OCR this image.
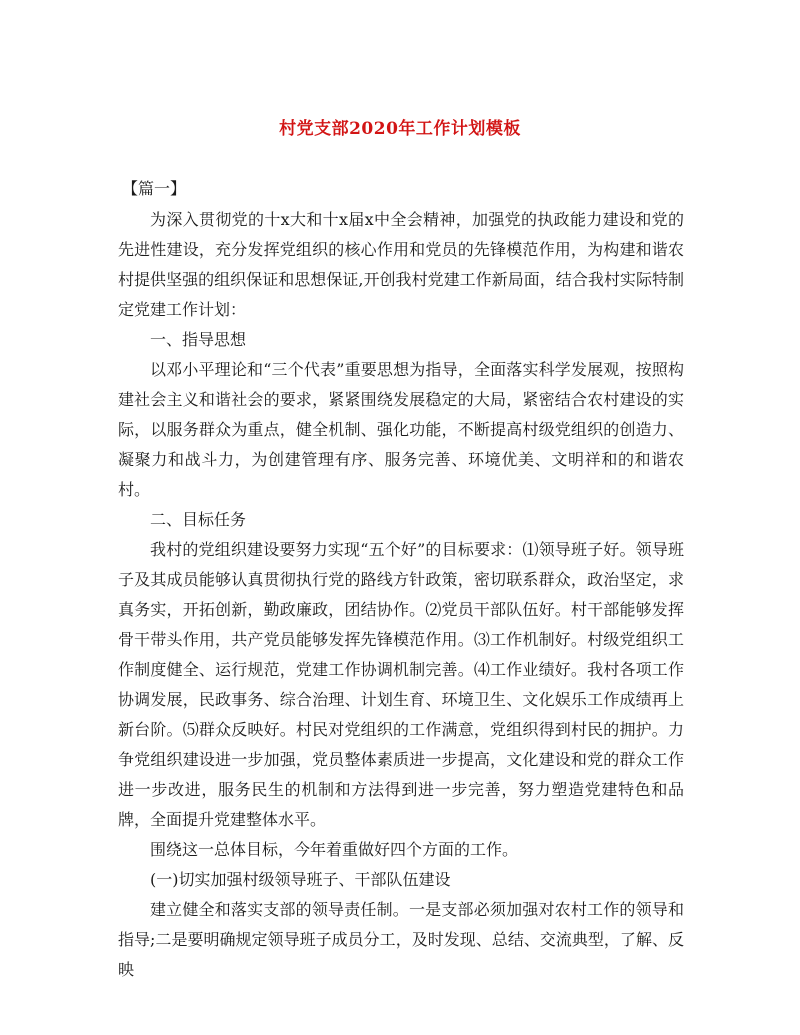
村党支部2020年工作计划模板
【篇一】

为深入贯彻党的十x大和十x届x中全会精神，加强党的执政能力建设和党的先进性建设，充分发挥党组织的核心作用和党员的先锋模范作用，为构建和谐农村提供坚强的组织保证和思想保证,开创我村党建工作新局面，结合我村实际特制定党建工作计划：

一、指导思想

以邓小平理论和“三个代表”重要思想为指导，全面落实科学发展观，按照构建社会主义和谐社会的要求，紧紧围绕发展稳定的大局，紧密结合农村建设的实际，以服务群众为重点，健全机制、强化功能，不断提高村级党组织的创造力、凝聚力和战斗力，为创建管理有序、服务完善、环境优美、文明祥和的和谐农村。

二、目标任务

我村的党组织建设要努力实现“五个好”的目标要求：⑴领导班子好。领导班子及其成员能够认真贯彻执行党的路线方针政策，密切联系群众，政治坚定，求真务实，开拓创新，勤政廉政，团结协作。⑵党员干部队伍好。村干部能够发挥骨干带头作用，共产党员能够发挥先锋模范作用。⑶工作机制好。村级党组织工作制度健全、运行规范，党建工作协调机制完善。⑷工作业绩好。我村各项工作协调发展，民政事务、综合治理、计划生育、环境卫生、文化娱乐工作成绩再上新台阶。⑸群众反映好。村民对党组织的工作满意，党组织得到村民的拥护。力争党组织建设进一步加强，党员整体素质进一步提高，文化建设和党的群众工作进一步改进，服务民生的机制和方法得到进一步完善，努力塑造党建特色和品牌，全面提升党建整体水平。

围绕这一总体目标，今年着重做好四个方面的工作。

(一)切实加强村级领导班子、干部队伍建设

建立健全和落实支部的领导责任制。一是支部必须加强对农村工作的领导和指导;二是要明确规定领导班子成员分工，及时发现、总结、交流典型，了解、反映
